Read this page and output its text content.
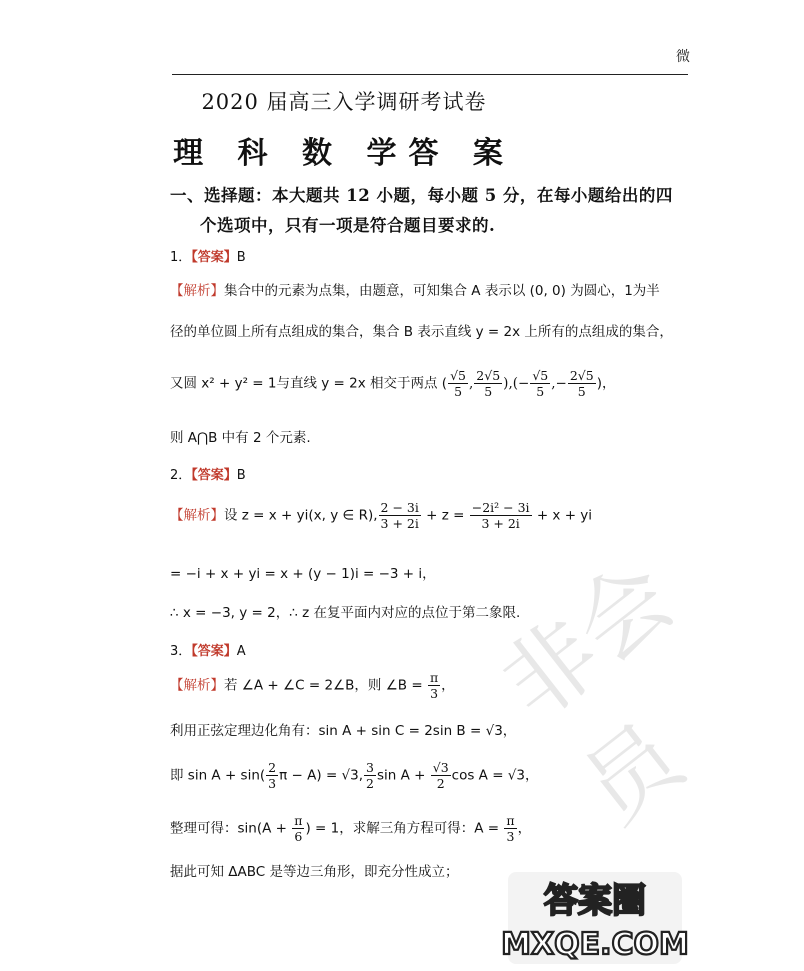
微
非会员
2020 届高三入学调研考试卷
理 科 数 学答 案
一、选择题：本大题共 12 小题，每小题 5 分，在每小题给出的四
个选项中，只有一项是符合题目要求的.
1．【答案】B
【解析】集合中的元素为点集，由题意，可知集合 A 表示以 (0, 0) 为圆心，1为半
径的单位圆上所有点组成的集合，集合 B 表示直线 y = 2x 上所有的点组成的集合，
又圆 x² + y² = 1与直线 y = 2x 相交于两点 ( $\frac{√5}{5}$ , $\frac{2√5}{5}$ ),(− $\frac{√5}{5}$ ,− $\frac{2√5}{5}$ )，
则 A⋂B 中有 2 个元素.
2．【答案】B
【解析】设 z = x + yi(x, y ∈ R), $\frac{2 - 3i}{3 + 2i} + z = \frac{\text{−2i² − 3i}}{3 + 2i} + x$ + yi
= −i + x + yi = x + (y − 1)i = −3 + i，
∴ x = −3, y = 2，∴ z 在复平面内对应的点位于第二象限.
3．【答案】A
【解析】若 ∠A + ∠C = 2∠B，则 ∠B = $\frac{\pi}{3}$ ，
利用正弦定理边化角有：sin A + sin C = 2sin B = √3，
即 $\sin A + \sin( \frac{2}{3}$ π − A) = √3, $\frac{3}{2}$ $\sin A + \frac{√3}{2}$ cos A = √3，
整理可得：$\sin(A + \frac{\pi}{6}$ ) = 1，求解三角方程可得：$A = \frac{\pi}{3}$ ，
据此可知 ΔABC 是等边三角形，即充分性成立；
答案圈
MXQE.COM
